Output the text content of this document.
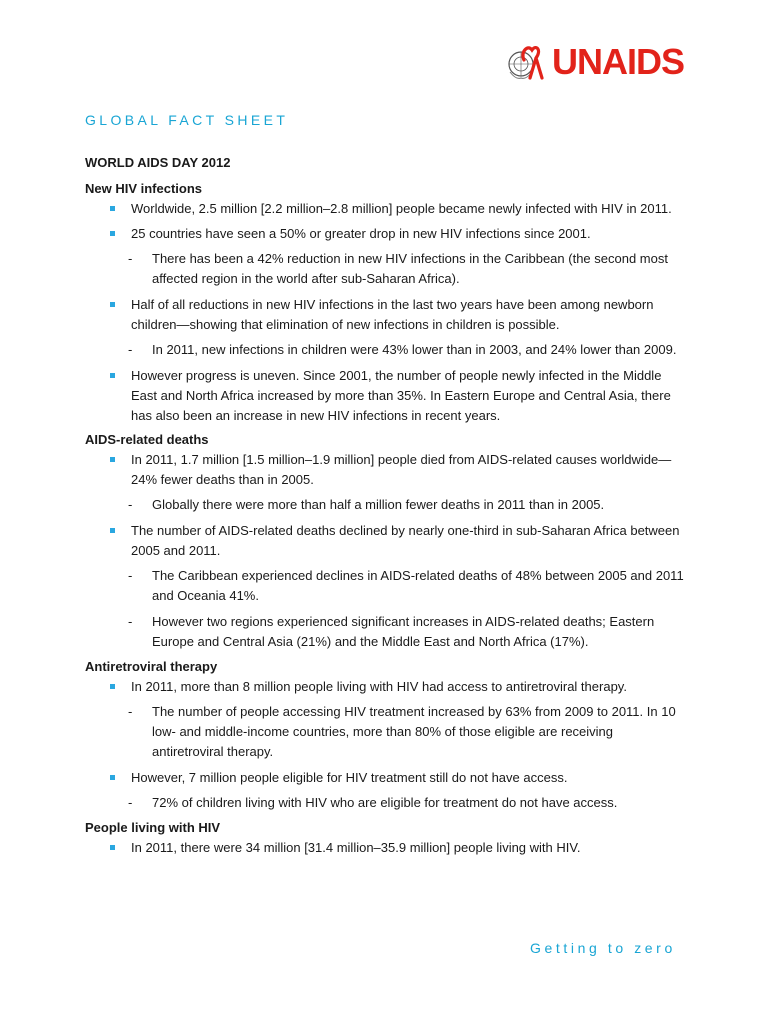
UNAIDS
GLOBAL FACT SHEET
WORLD AIDS DAY 2012
New HIV infections
Worldwide, 2.5 million [2.2 million–2.8 million] people became newly infected with HIV in 2011.
25 countries have seen a 50% or greater drop in new HIV infections since 2001.
- There has been a 42% reduction in new HIV infections in the Caribbean (the second most affected region in the world after sub-Saharan Africa).
Half of all reductions in new HIV infections in the last two years have been among newborn children—showing that elimination of new infections in children is possible.
- In 2011, new infections in children were 43% lower than in 2003, and 24% lower than 2009.
However progress is uneven. Since 2001, the number of people newly infected in the Middle East and North Africa increased by more than 35%. In Eastern Europe and Central Asia, there has also been an increase in new HIV infections in recent years.
AIDS-related deaths
In 2011, 1.7 million [1.5 million–1.9 million] people died from AIDS-related causes worldwide—24% fewer deaths than in 2005.
- Globally there were more than half a million fewer deaths in 2011 than in 2005.
The number of AIDS-related deaths declined by nearly one-third in sub-Saharan Africa between 2005 and 2011.
- The Caribbean experienced declines in AIDS-related deaths of 48% between 2005 and 2011 and Oceania 41%.
- However two regions experienced significant increases in AIDS-related deaths; Eastern Europe and Central Asia (21%) and the Middle East and North Africa (17%).
Antiretroviral therapy
In 2011, more than 8 million people living with HIV had access to antiretroviral therapy.
- The number of people accessing HIV treatment increased by 63% from 2009 to 2011. In 10 low- and middle-income countries, more than 80% of those eligible are receiving antiretroviral therapy.
However, 7 million people eligible for HIV treatment still do not have access.
- 72% of children living with HIV who are eligible for treatment do not have access.
People living with HIV
In 2011, there were 34 million [31.4 million–35.9 million] people living with HIV.
Getting to zero
